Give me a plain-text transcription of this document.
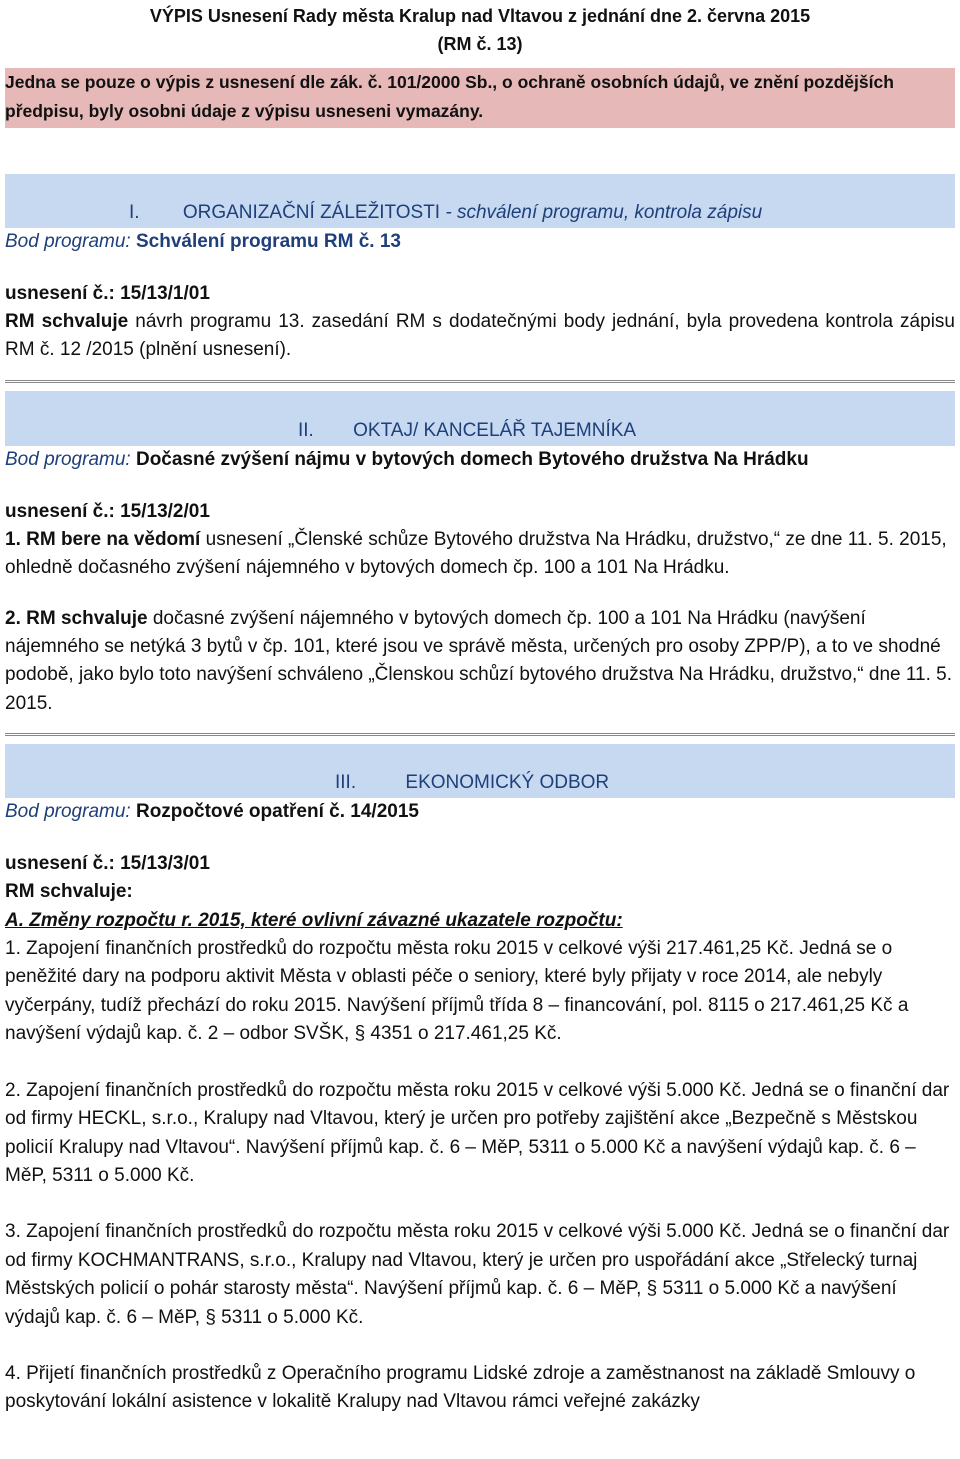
VÝPIS Usnesení Rady města Kralup nad Vltavou z jednání dne 2. června 2015
(RM č. 13)
Jedna se pouze o výpis z usnesení dle zák. č. 101/2000 Sb., o ochraně osobních údajů, ve znění pozdějších předpisu, byly osobni údaje z výpisu usneseni vymazány.
I. ORGANIZAČNÍ ZÁLEŽITOSTI - schválení programu, kontrola zápisu
Bod programu: Schválení programu RM č. 13
usnesení č.: 15/13/1/01

RM schvaluje návrh programu 13. zasedání RM s dodatečnými body jednání, byla provedena kontrola zápisu RM č. 12 /2015 (plnění usnesení).

II. OKTAJ/ KANCELÁŘ TAJEMNÍKA
Bod programu: Dočasné zvýšení nájmu v bytových domech Bytového družstva Na Hrádku
usnesení č.: 15/13/2/01

1. RM bere na vědomí usnesení „Členské schůze Bytového družstva Na Hrádku, družstvo,“ ze dne 11. 5. 2015, ohledně dočasného zvýšení nájemného v bytových domech čp. 100 a 101 Na Hrádku.

2. RM schvaluje dočasné zvýšení nájemného v bytových domech čp. 100 a 101 Na Hrádku (navýšení nájemného se netýká 3 bytů v čp. 101, které jsou ve správě města, určených pro osoby ZPP/P), a to ve shodné podobě, jako bylo toto navýšení schváleno „Členskou schůzí bytového družstva Na Hrádku, družstvo,“ dne 11. 5. 2015.

III.	EKONOMICKÝ ODBOR
Bod programu: Rozpočtové opatření č. 14/2015
usnesení č.: 15/13/3/01

RM schvaluje:

A. Změny rozpočtu r. 2015, které ovlivní závazné ukazatele rozpočtu:

1. Zapojení finančních prostředků do rozpočtu města roku 2015 v celkové výši 217.461,25 Kč. Jedná se o peněžité dary na podporu aktivit Města v oblasti péče o seniory, které byly přijaty v roce 2014, ale nebyly vyčerpány, tudíž přechází do roku 2015. Navýšení příjmů třída 8 – financování, pol. 8115 o 217.461,25 Kč a navýšení výdajů kap. č. 2 – odbor SVŠK, § 4351 o 217.461,25 Kč.

2. Zapojení finančních prostředků do rozpočtu města roku 2015 v celkové výši 5.000 Kč. Jedná se o finanční dar od firmy HECKL, s.r.o., Kralupy nad Vltavou, který je určen pro potřeby zajištění akce „Bezpečně s Městskou policií Kralupy nad Vltavou“. Navýšení příjmů kap. č. 6 – MěP, 5311 o 5.000 Kč a navýšení výdajů kap. č. 6 – MěP, 5311 o 5.000 Kč.

3. Zapojení finančních prostředků do rozpočtu města roku 2015 v celkové výši 5.000 Kč. Jedná se o finanční dar od firmy KOCHMANTRANS, s.r.o., Kralupy nad Vltavou, který je určen pro uspořádání akce „Střelecký turnaj Městských policií o pohár starosty města“. Navýšení příjmů kap. č. 6 – MěP, § 5311 o 5.000 Kč a navýšení výdajů kap. č. 6 – MěP, § 5311 o 5.000 Kč.

4. Přijetí finančních prostředků z Operačního programu Lidské zdroje a zaměstnanost na základě Smlouvy o poskytování lokální asistence v lokalitě Kralupy nad Vltavou rámci veřejné zakázky
